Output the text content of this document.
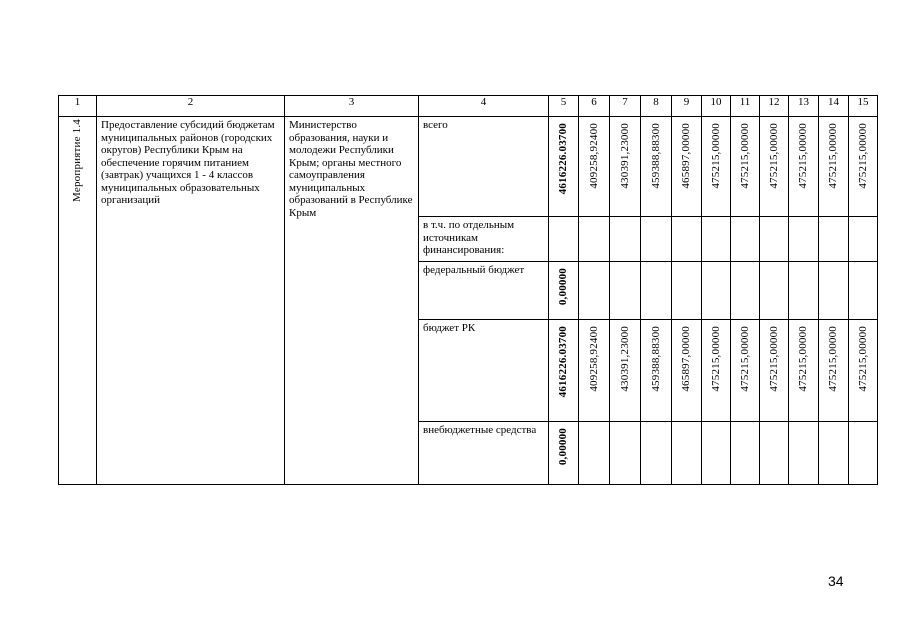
1	2	3	4	5	6	7	8	9	10	11	12	13	14	15

Мероприятие 1.4	Предоставление субсидий бюджетам муниципальных районов (городских округов) Республики Крым на обеспечение горячим питанием (завтрак) учащихся 1 - 4 классов муниципальных образовательных организаций	Министерство образования, науки и молодежи Республики Крым; органы местного самоуправления муниципальных образований в Республике Крым	всего	4616226.03700	409258,92400	430391,23000	459388,88300	465897,00000	475215,00000	475215,00000	475215,00000	475215,00000	475215,00000	475215,00000

			в т.ч. по отдельным источникам финансирования:											
			федеральный бюджет	0,00000										

			бюджет РК	4616226.03700	409258,92400	430391,23000	459388,88300	465897,00000	475215,00000	475215,00000	475215,00000	475215,00000	475215,00000	475215,00000

			внебюджетные средства	0,00000										

34
